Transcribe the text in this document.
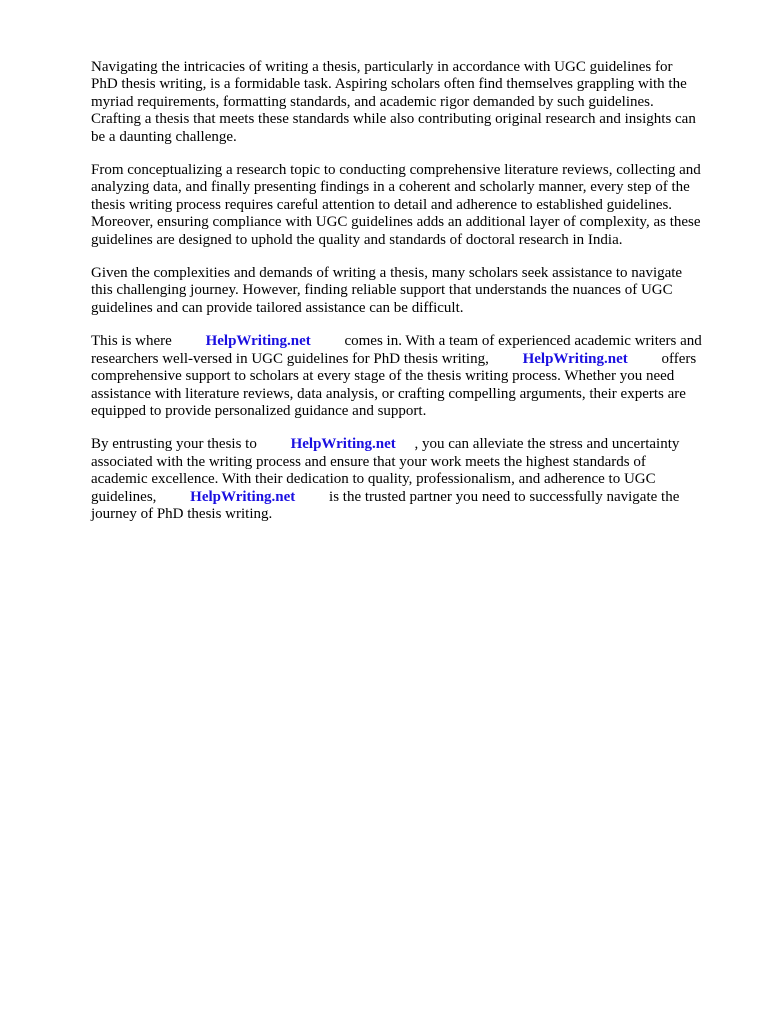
Navigating the intricacies of writing a thesis, particularly in accordance with UGC guidelines for
PhD thesis writing, is a formidable task. Aspiring scholars often find themselves grappling with the
myriad requirements, formatting standards, and academic rigor demanded by such guidelines.
Crafting a thesis that meets these standards while also contributing original research and insights can
be a daunting challenge.

From conceptualizing a research topic to conducting comprehensive literature reviews, collecting and
analyzing data, and finally presenting findings in a coherent and scholarly manner, every step of the
thesis writing process requires careful attention to detail and adherence to established guidelines.
Moreover, ensuring compliance with UGC guidelines adds an additional layer of complexity, as these
guidelines are designed to uphold the quality and standards of doctoral research in India.

Given the complexities and demands of writing a thesis, many scholars seek assistance to navigate
this challenging journey. However, finding reliable support that understands the nuances of UGC
guidelines and can provide tailored assistance can be difficult.

This is where HelpWriting.net comes in. With a team of experienced academic writers and
researchers well-versed in UGC guidelines for PhD thesis writing, HelpWriting.net offers
comprehensive support to scholars at every stage of the thesis writing process. Whether you need
assistance with literature reviews, data analysis, or crafting compelling arguments, their experts are
equipped to provide personalized guidance and support.

By entrusting your thesis to HelpWriting.net , you can alleviate the stress and uncertainty
associated with the writing process and ensure that your work meets the highest standards of
academic excellence. With their dedication to quality, professionalism, and adherence to UGC
guidelines, HelpWriting.net is the trusted partner you need to successfully navigate the
journey of PhD thesis writing.
